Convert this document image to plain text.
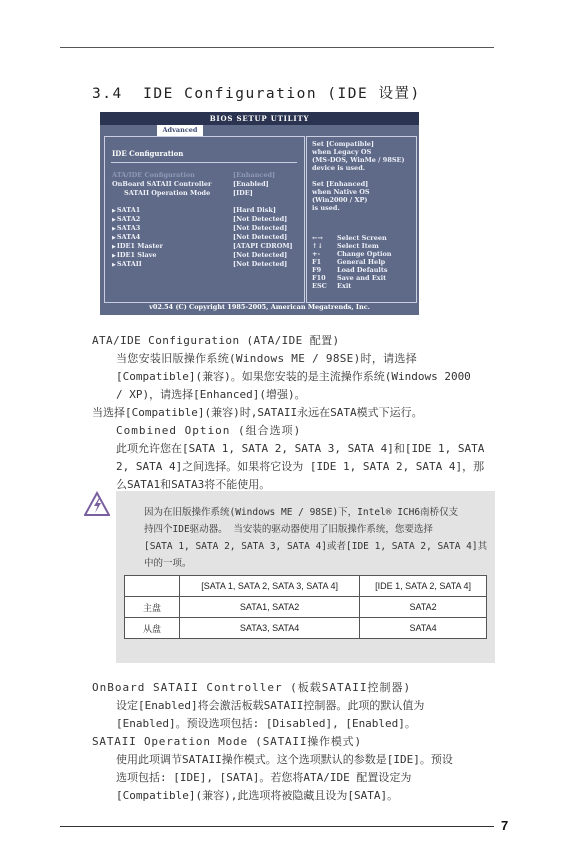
3.4 IDE Configuration (IDE 设置)
BIOS SETUP UTILITY
Advanced
IDE Configuration
ATA/IDE Configuration	[Enhanced]
OnBoard SATAII Controller	[Enabled]
SATAII Operation Mode	[IDE]
▶SATA1	[Hard Disk]
▶SATA2	[Not Detected]
▶SATA3	[Not Detected]
▶SATA4	[Not Detected]
▶IDE1 Master	[ATAPI CDROM]
▶IDE1 Slave	[Not Detected]
▶SATAII	[Not Detected]
Set [Compatible]
when Legacy OS
(MS-DOS, WinMe / 98SE)
device is used.
Set [Enhanced]
when Native OS
(Win2000 / XP)
is used.
←→ Select Screen
↑↓ Select Item
+-	Change Option
F1 General Help
F9 Load Defaults
F10 Save and Exit
ESC Exit
v02.54 (C) Copyright 1985-2005, American Megatrends, Inc.
ATA/IDE Configuration (ATA/IDE 配置)
当您安装旧版操作系统(Windows ME / 98SE)时，请选择
[Compatible](兼容)。如果您安装的是主流操作系统(Windows 2000
/ XP)，请选择[Enhanced](增强)。
当选择[Compatible](兼容)时,SATAII永远在SATA模式下运行。
Combined Option (组合选项)
此项允许您在[SATA 1, SATA 2, SATA 3, SATA 4]和[IDE 1, SATA
2, SATA 4]之间选择。如果将它设为 [IDE 1, SATA 2, SATA 4]，那
么SATA1和SATA3将不能使用。
因为在旧版操作系统(Windows ME / 98SE)下，Intel® ICH6南桥仅支
持四个IDE驱动器。 当安装的驱动器使用了旧版操作系统，您要选择
[SATA 1, SATA 2, SATA 3, SATA 4]或者[IDE 1, SATA 2, SATA 4]其
中的一项。
	[SATA 1, SATA 2, SATA 3, SATA 4]	[IDE 1, SATA 2, SATA 4]
主盘	SATA1, SATA2	SATA2
从盘	SATA3, SATA4	SATA4
OnBoard SATAII Controller (板载SATAII控制器)
设定[Enabled]将会激活板载SATAII控制器。此项的默认值为
[Enabled]。预设选项包括: [Disabled], [Enabled]。
SATAII Operation Mode (SATAII操作模式)
使用此项调节SATAII操作模式。这个选项默认的参数是[IDE]。预设
选项包括: [IDE], [SATA]。若您将ATA/IDE 配置设定为
[Compatible](兼容),此选项将被隐藏且设为[SATA]。
7
